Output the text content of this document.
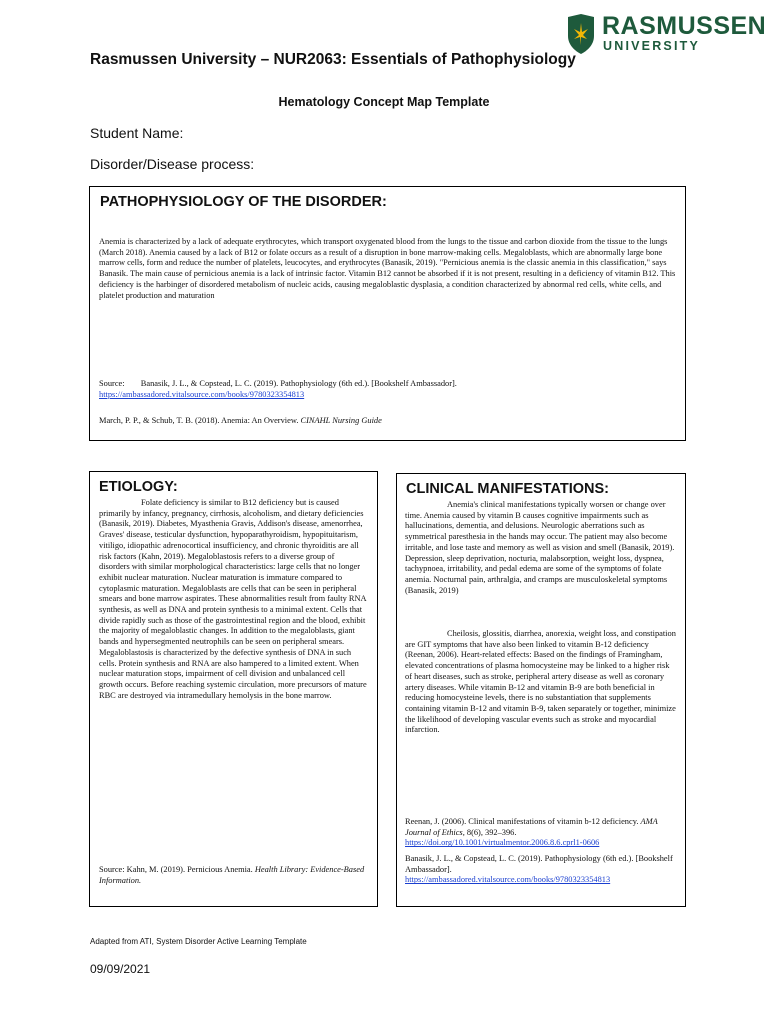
RASMUSSEN
UNIVERSITY
Rasmussen University – NUR2063: Essentials of Pathophysiology
Hematology Concept Map Template
Student Name:
Disorder/Disease process:
PATHOPHYSIOLOGY OF THE DISORDER:

Anemia is characterized by a lack of adequate erythrocytes, which transport oxygenated blood from the lungs to the tissue and carbon dioxide from the tissue to the lungs (March 2018). Anemia caused by a lack of B12 or folate occurs as a result of a disruption in bone marrow-making cells. Megaloblasts, which are abnormally large bone marrow cells, form and reduce the number of platelets, leucocytes, and erythrocytes (Banasik, 2019). "Pernicious anemia is the classic anemia in this classification," says Banasik. The main cause of pernicious anemia is a lack of intrinsic factor. Vitamin B12 cannot be absorbed if it is not present, resulting in a deficiency of vitamin B12. This deficiency is the harbinger of disordered metabolism of nucleic acids, causing megaloblastic dysplasia, a condition characterized by abnormal red cells, white cells, and platelet production and maturation

Source: Banasik, J. L., & Copstead, L. C. (2019). Pathophysiology (6th ed.). [Bookshelf Ambassador].
https://ambassadored.vitalsource.com/books/9780323354813
March, P. P., & Schub, T. B. (2018). Anemia: An Overview. CINAHL Nursing Guide
ETIOLOGY:

Folate deficiency is similar to B12 deficiency but is caused primarily by infancy, pregnancy, cirrhosis, alcoholism, and dietary deficiencies (Banasik, 2019). Diabetes, Myasthenia Gravis, Addison's disease, amenorrhea, Graves' disease, testicular dysfunction, hypoparathyroidism, hypopituitarism, vitiligo, idiopathic adrenocortical insufficiency, and chronic thyroiditis are all risk factors (Kahn, 2019). Megaloblastosis refers to a diverse group of disorders with similar morphological characteristics: large cells that no longer exhibit nuclear maturation. Nuclear maturation is immature compared to cytoplasmic maturation. Megaloblasts are cells that can be seen in peripheral smears and bone marrow aspirates. These abnormalities result from faulty RNA synthesis, as well as DNA and protein synthesis to a minimal extent. Cells that divide rapidly such as those of the gastrointestinal region and the blood, exhibit the majority of megaloblastic changes. In addition to the megaloblasts, giant bands and hypersegmented neutrophils can be seen on peripheral smears. Megaloblastosis is characterized by the defective synthesis of DNA in such cells. Protein synthesis and RNA are also hampered to a limited extent. When nuclear maturation stops, impairment of cell division and unbalanced cell growth occurs. Before reaching systemic circulation, more precursors of mature RBC are destroyed via intramedullary hemolysis in the bone marrow.

Source: Kahn, M. (2019). Pernicious Anemia. Health Library: Evidence-Based Information.
CLINICAL MANIFESTATIONS:

Anemia's clinical manifestations typically worsen or change over time. Anemia caused by vitamin B causes cognitive impairments such as hallucinations, dementia, and delusions. Neurologic aberrations such as symmetrical paresthesia in the hands may occur. The patient may also become irritable, and lose taste and memory as well as vision and smell (Banasik, 2019). Depression, sleep deprivation, nocturia, malabsorption, weight loss, dyspnea, tachypnoea, irritability, and pedal edema are some of the symptoms of folate anemia. Nocturnal pain, arthralgia, and cramps are musculoskeletal symptoms (Banasik, 2019)

Cheilosis, glossitis, diarrhea, anorexia, weight loss, and constipation are GIT symptoms that have also been linked to vitamin B-12 deficiency (Reenan, 2006). Heart-related effects: Based on the findings of Framingham, elevated concentrations of plasma homocysteine may be linked to a higher risk of heart diseases, such as stroke, peripheral artery disease as well as coronary artery diseases. While vitamin B-12 and vitamin B-9 are both beneficial in reducing homocysteine levels, there is no substantiation that supplements containing vitamin B-12 and vitamin B-9, taken separately or together, minimize the likelihood of developing vascular events such as stroke and myocardial infarction.

Reenan, J. (2006). Clinical manifestations of vitamin b-12 deficiency. AMA Journal of Ethics, 8(6), 392–396.
https://doi.org/10.1001/virtualmentor.2006.8.6.cprl1-0606
Banasik, J. L., & Copstead, L. C. (2019). Pathophysiology (6th ed.). [Bookshelf Ambassador].
https://ambassadored.vitalsource.com/books/9780323354813
Adapted from ATI, System Disorder Active Learning Template
09/09/2021
